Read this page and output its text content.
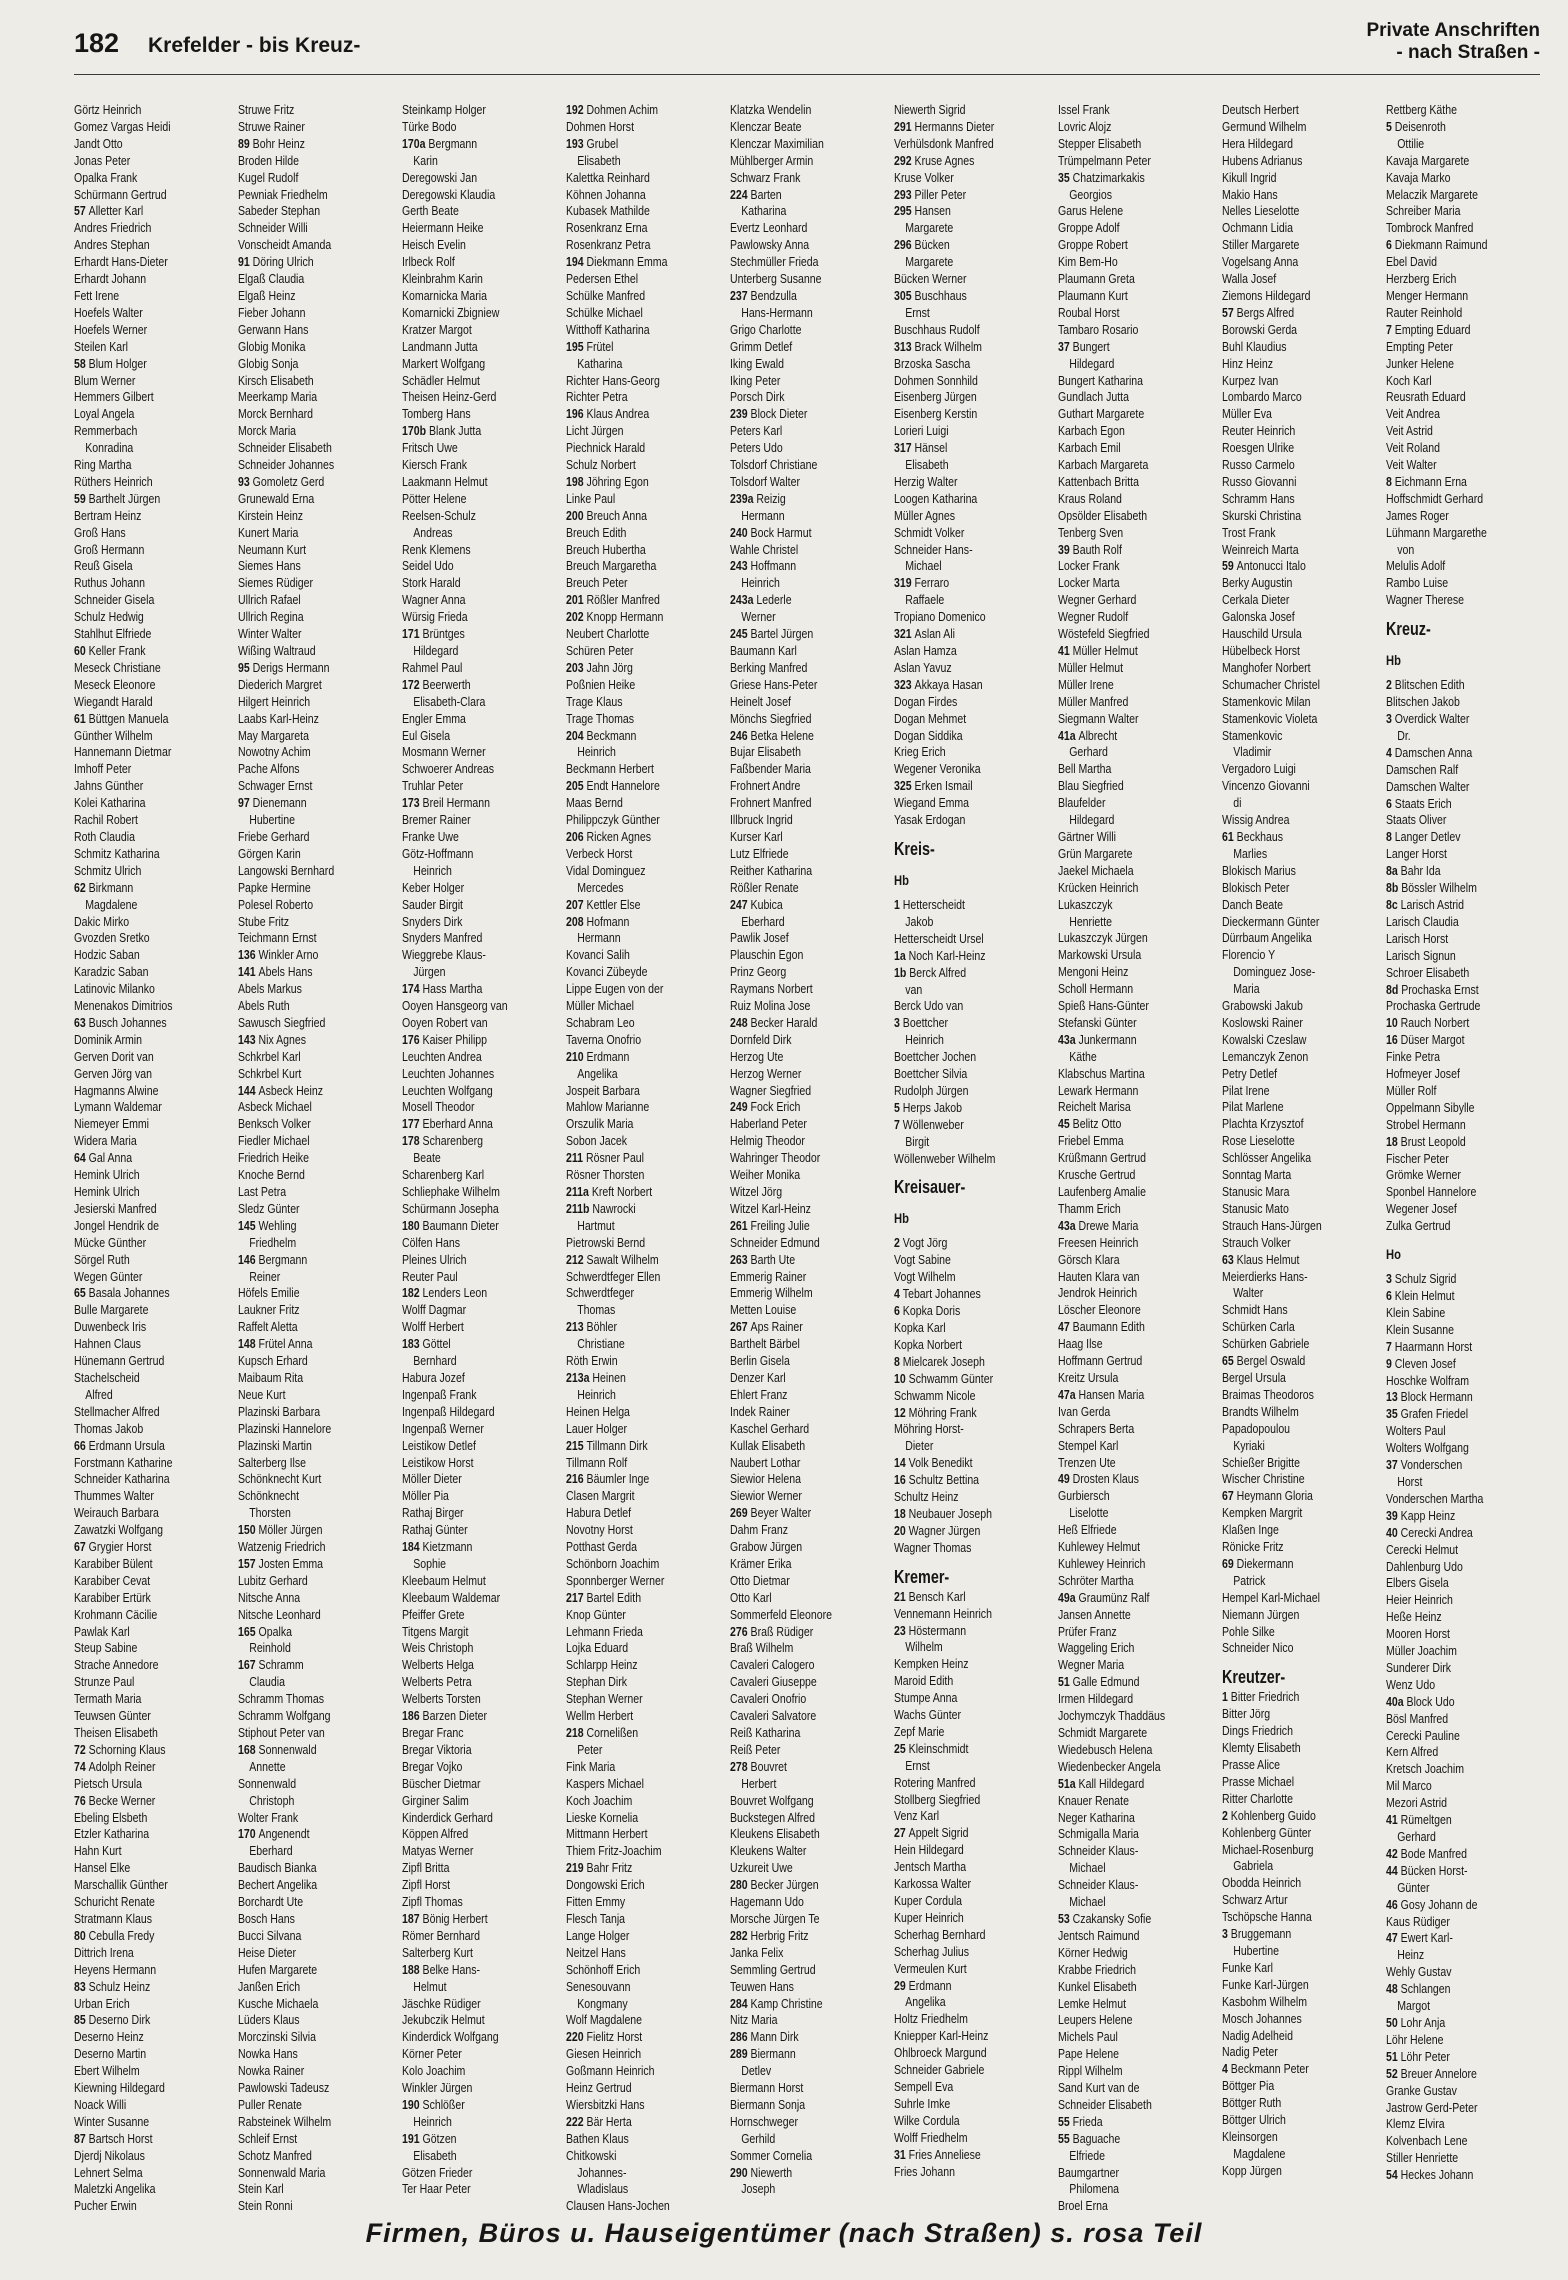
182 Krefelder - bis Kreuz-
Private Anschriften
- nach Straßen -
Görtz Heinrich
Gomez Vargas Heidi
Jandt Otto
Jonas Peter
Opalka Frank
Schürmann Gertrud
57 Alletter Karl
Andres Friedrich
Andres Stephan
Erhardt Hans-Dieter
Erhardt Johann
Fett Irene
Hoefels Walter
Hoefels Werner
Steilen Karl
58 Blum Holger
Blum Werner
Hemmers Gilbert
Loyal Angela
Remmerbach
Konradina
Ring Martha
Rüthers Heinrich
59 Barthelt Jürgen
Bertram Heinz
Groß Hans
Groß Hermann
Reuß Gisela
Ruthus Johann
Schneider Gisela
Schulz Hedwig
Stahlhut Elfriede
60 Keller Frank
Meseck Christiane
Meseck Eleonore
Wiegandt Harald
61 Büttgen Manuela
Günther Wilhelm
Hannemann Dietmar
Imhoff Peter
Jahns Günther
Kolei Katharina
Rachil Robert
Roth Claudia
Schmitz Katharina
Schmitz Ulrich
62 Birkmann
Magdalene
Dakic Mirko
Gvozden Sretko
Hodzic Saban
Karadzic Saban
Latinovic Milanko
Menenakos Dimitrios
63 Busch Johannes
Dominik Armin
Gerven Dorit van
Gerven Jörg van
Hagmanns Alwine
Lymann Waldemar
Niemeyer Emmi
Widera Maria
64 Gal Anna
Hemink Ulrich
Hemink Ulrich
Jesierski Manfred
Jongel Hendrik de
Mücke Günther
Sörgel Ruth
Wegen Günter
65 Basala Johannes
Bulle Margarete
Duwenbeck Iris
Hahnen Claus
Hünemann Gertrud
Stachelscheid
Alfred
Stellmacher Alfred
Thomas Jakob
66 Erdmann Ursula
Forstmann Katharine
Schneider Katharina
Thummes Walter
Weirauch Barbara
Zawatzki Wolfgang
67 Grygier Horst
Karabiber Bülent
Karabiber Cevat
Karabiber Ertürk
Krohmann Cäcilie
Pawlak Karl
Steup Sabine
Strache Annedore
Strunze Paul
Termath Maria
Teuwsen Günter
Theisen Elisabeth
72 Schorning Klaus
74 Adolph Reiner
Pietsch Ursula
76 Becke Werner
Ebeling Elsbeth
Etzler Katharina
Hahn Kurt
Hansel Elke
Marschallik Günther
Schuricht Renate
Stratmann Klaus
80 Cebulla Fredy
Dittrich Irena
Heyens Hermann
83 Schulz Heinz
Urban Erich
85 Deserno Dirk
Deserno Heinz
Deserno Martin
Ebert Wilhelm
Kiewning Hildegard
Noack Willi
Winter Susanne
87 Bartsch Horst
Djerdj Nikolaus
Lehnert Selma
Maletzki Angelika
Pucher Erwin
Struwe Fritz
Struwe Rainer
89 Bohr Heinz
Broden Hilde
Kugel Rudolf
Pewniak Friedhelm
Sabeder Stephan
Schneider Willi
Vonscheidt Amanda
91 Döring Ulrich
Elgaß Claudia
Elgaß Heinz
Fieber Johann
Gerwann Hans
Globig Monika
Globig Sonja
Kirsch Elisabeth
Meerkamp Maria
Morck Bernhard
Morck Maria
Schneider Elisabeth
Schneider Johannes
93 Gomoletz Gerd
Grunewald Erna
Kirstein Heinz
Kunert Maria
Neumann Kurt
Siemes Hans
Siemes Rüdiger
Ullrich Rafael
Ullrich Regina
Winter Walter
Wißing Waltraud
95 Derigs Hermann
Diederich Margret
Hilgert Heinrich
Laabs Karl-Heinz
May Margareta
Nowotny Achim
Pache Alfons
Schwager Ernst
97 Dienemann
Hubertine
Friebe Gerhard
Görgen Karin
Langowski Bernhard
Papke Hermine
Polesel Roberto
Stube Fritz
Teichmann Ernst
136 Winkler Arno
141 Abels Hans
Abels Markus
Abels Ruth
Sawusch Siegfried
143 Nix Agnes
Schkrbel Karl
Schkrbel Kurt
144 Asbeck Heinz
Asbeck Michael
Benksch Volker
Fiedler Michael
Friedrich Heike
Knoche Bernd
Last Petra
Sledz Günter
145 Wehling
Friedhelm
146 Bergmann
Reiner
Höfels Emilie
Laukner Fritz
Raffelt Aletta
148 Frütel Anna
Kupsch Erhard
Maibaum Rita
Neue Kurt
Plazinski Barbara
Plazinski Hannelore
Plazinski Martin
Salterberg Ilse
Schönknecht Kurt
Schönknecht
Thorsten
150 Möller Jürgen
Watzenig Friedrich
157 Josten Emma
Lubitz Gerhard
Nitsche Anna
Nitsche Leonhard
165 Opalka
Reinhold
167 Schramm
Claudia
Schramm Thomas
Schramm Wolfgang
Stiphout Peter van
168 Sonnenwald
Annette
Sonnenwald
Christoph
Wolter Frank
170 Angenendt
Eberhard
Baudisch Bianka
Bechert Angelika
Borchardt Ute
Bosch Hans
Bucci Silvana
Heise Dieter
Hufen Margarete
Janßen Erich
Kusche Michaela
Lüders Klaus
Morczinski Silvia
Nowka Hans
Nowka Rainer
Pawlowski Tadeusz
Puller Renate
Rabsteinek Wilhelm
Schleif Ernst
Schotz Manfred
Sonnenwald Maria
Stein Karl
Stein Ronni
Steinkamp Holger
Türke Bodo
170a Bergmann
Karin
Deregowski Jan
Deregowski Klaudia
Gerth Beate
Heiermann Heike
Heisch Evelin
Irlbeck Rolf
Kleinbrahm Karin
Komarnicka Maria
Komarnicki Zbigniew
Kratzer Margot
Landmann Jutta
Markert Wolfgang
Schädler Helmut
Theisen Heinz-Gerd
Tomberg Hans
170b Blank Jutta
Fritsch Uwe
Kiersch Frank
Laakmann Helmut
Pötter Helene
Reelsen-Schulz
Andreas
Renk Klemens
Seidel Udo
Stork Harald
Wagner Anna
Würsig Frieda
171 Brüntges
Hildegard
Rahmel Paul
172 Beerwerth
Elisabeth-Clara
Engler Emma
Eul Gisela
Mosmann Werner
Schwoerer Andreas
Truhlar Peter
173 Breil Hermann
Bremer Rainer
Franke Uwe
Götz-Hoffmann
Heinrich
Keber Holger
Sauder Birgit
Snyders Dirk
Snyders Manfred
Wieggrebe Klaus-
Jürgen
174 Hass Martha
Ooyen Hansgeorg van
Ooyen Robert van
176 Kaiser Philipp
Leuchten Andrea
Leuchten Johannes
Leuchten Wolfgang
Mosell Theodor
177 Eberhard Anna
178 Scharenberg
Beate
Scharenberg Karl
Schliephake Wilhelm
Schürmann Josepha
180 Baumann Dieter
Cölfen Hans
Pleines Ulrich
Reuter Paul
182 Lenders Leon
Wolff Dagmar
Wolff Herbert
183 Göttel
Bernhard
Habura Jozef
Ingenpaß Frank
Ingenpaß Hildegard
Ingenpaß Werner
Leistikow Detlef
Leistikow Horst
Möller Dieter
Möller Pia
Rathaj Birger
Rathaj Günter
184 Kietzmann
Sophie
Kleebaum Helmut
Kleebaum Waldemar
Pfeiffer Grete
Titgens Margit
Weis Christoph
Welberts Helga
Welberts Petra
Welberts Torsten
186 Barzen Dieter
Bregar Franc
Bregar Viktoria
Bregar Vojko
Büscher Dietmar
Girginer Salim
Kinderdick Gerhard
Köppen Alfred
Matyas Werner
Zipfl Britta
Zipfl Horst
Zipfl Thomas
187 Bönig Herbert
Römer Bernhard
Salterberg Kurt
188 Belke Hans-
Helmut
Jäschke Rüdiger
Jekubczik Helmut
Kinderdick Wolfgang
Körner Peter
Kolo Joachim
Winkler Jürgen
190 Schlößer
Heinrich
191 Götzen
Elisabeth
Götzen Frieder
Ter Haar Peter
192 Dohmen Achim
Dohmen Horst
193 Grubel
Elisabeth
Kalettka Reinhard
Köhnen Johanna
Kubasek Mathilde
Rosenkranz Erna
Rosenkranz Petra
194 Diekmann Emma
Pedersen Ethel
Schülke Manfred
Schülke Michael
Witthoff Katharina
195 Frütel
Katharina
Richter Hans-Georg
Richter Petra
196 Klaus Andrea
Licht Jürgen
Piechnick Harald
Schulz Norbert
198 Jöhring Egon
Linke Paul
200 Breuch Anna
Breuch Edith
Breuch Hubertha
Breuch Margaretha
Breuch Peter
201 Rößler Manfred
202 Knopp Hermann
Neubert Charlotte
Schüren Peter
203 Jahn Jörg
Poßnien Heike
Trage Klaus
Trage Thomas
204 Beckmann
Heinrich
Beckmann Herbert
205 Endt Hannelore
Maas Bernd
Philippczyk Günther
206 Ricken Agnes
Verbeck Horst
Vidal Dominguez
Mercedes
207 Kettler Else
208 Hofmann
Hermann
Kovanci Salih
Kovanci Zübeyde
Lippe Eugen von der
Müller Michael
Schabram Leo
Taverna Onofrio
210 Erdmann
Angelika
Jospeit Barbara
Mahlow Marianne
Orszulik Maria
Sobon Jacek
211 Rösner Paul
Rösner Thorsten
211a Kreft Norbert
211b Nawrocki
Hartmut
Pietrowski Bernd
212 Sawalt Wilhelm
Schwerdtfeger Ellen
Schwerdtfeger
Thomas
213 Böhler
Christiane
Röth Erwin
213a Heinen
Heinrich
Heinen Helga
Lauer Holger
215 Tillmann Dirk
Tillmann Rolf
216 Bäumler Inge
Clasen Margrit
Habura Detlef
Novotny Horst
Potthast Gerda
Schönborn Joachim
Sponnberger Werner
217 Bartel Edith
Knop Günter
Lehmann Frieda
Lojka Eduard
Schlarpp Heinz
Stephan Dirk
Stephan Werner
Wellm Herbert
218 Cornelißen
Peter
Fink Maria
Kaspers Michael
Koch Joachim
Lieske Kornelia
Mittmann Herbert
Thiem Fritz-Joachim
219 Bahr Fritz
Dongowski Erich
Fitten Emmy
Flesch Tanja
Lange Holger
Neitzel Hans
Schönhoff Erich
Senesouvann
Kongmany
Wolf Magdalene
220 Fielitz Horst
Giesen Heinrich
Goßmann Heinrich
Heinz Gertrud
Wiersbitzki Hans
222 Bär Herta
Bathen Klaus
Chitkowski
Johannes-
Wladislaus
Clausen Hans-Jochen
Klatzka Wendelin
Klenczar Beate
Klenczar Maximilian
Mühlberger Armin
Schwarz Frank
224 Barten
Katharina
Evertz Leonhard
Pawlowsky Anna
Stechmüller Frieda
Unterberg Susanne
237 Bendzulla
Hans-Hermann
Grigo Charlotte
Grimm Detlef
Iking Ewald
Iking Peter
Porsch Dirk
239 Block Dieter
Peters Karl
Peters Udo
Tolsdorf Christiane
Tolsdorf Walter
239a Reizig
Hermann
240 Bock Harmut
Wahle Christel
243 Hoffmann
Heinrich
243a Lederle
Werner
245 Bartel Jürgen
Baumann Karl
Berking Manfred
Griese Hans-Peter
Heinelt Josef
Mönchs Siegfried
246 Betka Helene
Bujar Elisabeth
Faßbender Maria
Frohnert Andre
Frohnert Manfred
Illbruck Ingrid
Kurser Karl
Lutz Elfriede
Reither Katharina
Rößler Renate
247 Kubica
Eberhard
Pawlik Josef
Plauschin Egon
Prinz Georg
Raymans Norbert
Ruiz Molina Jose
248 Becker Harald
Dornfeld Dirk
Herzog Ute
Herzog Werner
Wagner Siegfried
249 Fock Erich
Haberland Peter
Helmig Theodor
Wahringer Theodor
Weiher Monika
Witzel Jörg
Witzel Karl-Heinz
261 Freiling Julie
Schneider Edmund
263 Barth Ute
Emmerig Rainer
Emmerig Wilhelm
Metten Louise
267 Aps Rainer
Barthelt Bärbel
Berlin Gisela
Denzer Karl
Ehlert Franz
Indek Rainer
Kaschel Gerhard
Kullak Elisabeth
Naubert Lothar
Siewior Helena
Siewior Werner
269 Beyer Walter
Dahm Franz
Grabow Jürgen
Krämer Erika
Otto Dietmar
Otto Karl
Sommerfeld Eleonore
276 Braß Rüdiger
Braß Wilhelm
Cavaleri Calogero
Cavaleri Giuseppe
Cavaleri Onofrio
Cavaleri Salvatore
Reiß Katharina
Reiß Peter
278 Bouvret
Herbert
Bouvret Wolfgang
Buckstegen Alfred
Kleukens Elisabeth
Kleukens Walter
Uzkureit Uwe
280 Becker Jürgen
Hagemann Udo
Morsche Jürgen Te
282 Herbrig Fritz
Janka Felix
Semmling Gertrud
Teuwen Hans
284 Kamp Christine
Nitz Maria
286 Mann Dirk
289 Biermann
Detlev
Biermann Horst
Biermann Sonja
Hornschweger
Gerhild
Sommer Cornelia
290 Niewerth
Joseph
Niewerth Sigrid
291 Hermanns Dieter
Verhülsdonk Manfred
292 Kruse Agnes
Kruse Volker
293 Piller Peter
295 Hansen
Margarete
296 Bücken
Margarete
Bücken Werner
305 Buschhaus
Ernst
Buschhaus Rudolf
313 Brack Wilhelm
Brzoska Sascha
Dohmen Sonnhild
Eisenberg Jürgen
Eisenberg Kerstin
Lorieri Luigi
317 Hänsel
Elisabeth
Herzig Walter
Loogen Katharina
Müller Agnes
Schmidt Volker
Schneider Hans-
Michael
319 Ferraro
Raffaele
Tropiano Domenico
321 Aslan Ali
Aslan Hamza
Aslan Yavuz
323 Akkaya Hasan
Dogan Firdes
Dogan Mehmet
Dogan Siddika
Krieg Erich
Wegener Veronika
325 Erken Ismail
Wiegand Emma
Yasak Erdogan
Kreis-
Hb
1 Hetterscheidt
Jakob
Hetterscheidt Ursel
1a Noch Karl-Heinz
1b Berck Alfred
van
Berck Udo van
3 Boettcher
Heinrich
Boettcher Jochen
Boettcher Silvia
Rudolph Jürgen
5 Herps Jakob
7 Wöllenweber
Birgit
Wöllenweber Wilhelm
Kreisauer-
Hb
2 Vogt Jörg
Vogt Sabine
Vogt Wilhelm
4 Tebart Johannes
6 Kopka Doris
Kopka Karl
Kopka Norbert
8 Mielcarek Joseph
10 Schwamm Günter
Schwamm Nicole
12 Möhring Frank
Möhring Horst-
Dieter
14 Volk Benedikt
16 Schultz Bettina
Schultz Heinz
18 Neubauer Joseph
20 Wagner Jürgen
Wagner Thomas
Kremer-
21 Bensch Karl
Vennemann Heinrich
23 Höstermann
Wilhelm
Kempken Heinz
Maroid Edith
Stumpe Anna
Wachs Günter
Zepf Marie
25 Kleinschmidt
Ernst
Rotering Manfred
Stollberg Siegfried
Venz Karl
27 Appelt Sigrid
Hein Hildegard
Jentsch Martha
Karkossa Walter
Kuper Cordula
Kuper Heinrich
Scherhag Bernhard
Scherhag Julius
Vermeulen Kurt
29 Erdmann
Angelika
Holtz Friedhelm
Kniepper Karl-Heinz
Ohlbroeck Margund
Schneider Gabriele
Sempell Eva
Suhrle Imke
Wilke Cordula
Wolff Friedhelm
31 Fries Anneliese
Fries Johann
Issel Frank
Lovric Alojz
Stepper Elisabeth
Trümpelmann Peter
35 Chatzimarkakis
Georgios
Garus Helene
Groppe Adolf
Groppe Robert
Kim Bem-Ho
Plaumann Greta
Plaumann Kurt
Roubal Horst
Tambaro Rosario
37 Bungert
Hildegard
Bungert Katharina
Gundlach Jutta
Guthart Margarete
Karbach Egon
Karbach Emil
Karbach Margareta
Kattenbach Britta
Kraus Roland
Opsölder Elisabeth
Tenberg Sven
39 Bauth Rolf
Locker Frank
Locker Marta
Wegner Gerhard
Wegner Rudolf
Wöstefeld Siegfried
41 Müller Helmut
Müller Helmut
Müller Irene
Müller Manfred
Siegmann Walter
41a Albrecht
Gerhard
Bell Martha
Blau Siegfried
Blaufelder
Hildegard
Gärtner Willi
Grün Margarete
Jaekel Michaela
Krücken Heinrich
Lukaszczyk
Henriette
Lukaszczyk Jürgen
Markowski Ursula
Mengoni Heinz
Scholl Hermann
Spieß Hans-Günter
Stefanski Günter
43a Junkermann
Käthe
Klabschus Martina
Lewark Hermann
Reichelt Marisa
45 Belitz Otto
Friebel Emma
Krüßmann Gertrud
Krusche Gertrud
Laufenberg Amalie
Thamm Erich
43a Drewe Maria
Freesen Heinrich
Görsch Klara
Hauten Klara van
Jendrok Heinrich
Löscher Eleonore
47 Baumann Edith
Haag Ilse
Hoffmann Gertrud
Kreitz Ursula
47a Hansen Maria
Ivan Gerda
Schrapers Berta
Stempel Karl
Trenzen Ute
49 Drosten Klaus
Gurbiersch
Liselotte
Heß Elfriede
Kuhlewey Helmut
Kuhlewey Heinrich
Schröter Martha
49a Graumünz Ralf
Jansen Annette
Prüfer Franz
Waggeling Erich
Wegner Maria
51 Galle Edmund
Irmen Hildegard
Jochymczyk Thaddäus
Schmidt Margarete
Wiedebusch Helena
Wiedenbecker Angela
51a Kall Hildegard
Knauer Renate
Neger Katharina
Schmigalla Maria
Schneider Klaus-
Michael
Schneider Klaus-
Michael
53 Czakansky Sofie
Jentsch Raimund
Körner Hedwig
Krabbe Friedrich
Kunkel Elisabeth
Lemke Helmut
Leupers Helene
Michels Paul
Pape Helene
Rippl Wilhelm
Sand Kurt van de
Schneider Elisabeth
55 Frieda
55 Baguache
Elfriede
Baumgartner
Philomena
Broel Erna
Deutsch Herbert
Germund Wilhelm
Hera Hildegard
Hubens Adrianus
Kikull Ingrid
Makio Hans
Nelles Lieselotte
Ochmann Lidia
Stiller Margarete
Vogelsang Anna
Walla Josef
Ziemons Hildegard
57 Bergs Alfred
Borowski Gerda
Buhl Klaudius
Hinz Heinz
Kurpez Ivan
Lombardo Marco
Müller Eva
Reuter Heinrich
Roesgen Ulrike
Russo Carmelo
Russo Giovanni
Schramm Hans
Skurski Christina
Trost Frank
Weinreich Marta
59 Antonucci Italo
Berky Augustin
Cerkala Dieter
Galonska Josef
Hauschild Ursula
Hübelbeck Horst
Manghofer Norbert
Schumacher Christel
Stamenkovic Milan
Stamenkovic Violeta
Stamenkovic
Vladimir
Vergadoro Luigi
Vincenzo Giovanni
di
Wissig Andrea
61 Beckhaus
Marlies
Blokisch Marius
Blokisch Peter
Danch Beate
Dieckermann Günter
Dürrbaum Angelika
Florencio Y
Dominguez Jose-
Maria
Grabowski Jakub
Koslowski Rainer
Kowalski Czeslaw
Lemanczyk Zenon
Petry Detlef
Pilat Irene
Pilat Marlene
Plachta Krzysztof
Rose Lieselotte
Schlösser Angelika
Sonntag Marta
Stanusic Mara
Stanusic Mato
Strauch Hans-Jürgen
Strauch Volker
63 Klaus Helmut
Meierdierks Hans-
Walter
Schmidt Hans
Schürken Carla
Schürken Gabriele
65 Bergel Oswald
Bergel Ursula
Braimas Theodoros
Brandts Wilhelm
Papadopoulou
Kyriaki
Schießer Brigitte
Wischer Christine
67 Heymann Gloria
Kempken Margrit
Klaßen Inge
Rönicke Fritz
69 Diekermann
Patrick
Hempel Karl-Michael
Niemann Jürgen
Pohle Silke
Schneider Nico
Kreutzer-
1 Bitter Friedrich
Bitter Jörg
Dings Friedrich
Klemty Elisabeth
Prasse Alice
Prasse Michael
Ritter Charlotte
2 Kohlenberg Guido
Kohlenberg Günter
Michael-Rosenburg
Gabriela
Obodda Heinrich
Schwarz Artur
Tschöpsche Hanna
3 Bruggemann
Hubertine
Funke Karl
Funke Karl-Jürgen
Kasbohm Wilhelm
Mosch Johannes
Nadig Adelheid
Nadig Peter
4 Beckmann Peter
Böttger Pia
Böttger Ruth
Böttger Ulrich
Kleinsorgen
Magdalene
Kopp Jürgen
Rettberg Käthe
5 Deisenroth
Ottilie
Kavaja Margarete
Kavaja Marko
Melaczik Margarete
Schreiber Maria
Tombrock Manfred
6 Diekmann Raimund
Ebel David
Herzberg Erich
Menger Hermann
Rauter Reinhold
7 Empting Eduard
Empting Peter
Junker Helene
Koch Karl
Reusrath Eduard
Veit Andrea
Veit Astrid
Veit Roland
Veit Walter
8 Eichmann Erna
Hoffschmidt Gerhard
James Roger
Lühmann Margarethe
von
Melulis Adolf
Rambo Luise
Wagner Therese
Kreuz-
Hb
2 Blitschen Edith
Blitschen Jakob
3 Overdick Walter
Dr.
4 Damschen Anna
Damschen Ralf
Damschen Walter
6 Staats Erich
Staats Oliver
8 Langer Detlev
Langer Horst
8a Bahr Ida
8b Bössler Wilhelm
8c Larisch Astrid
Larisch Claudia
Larisch Horst
Larisch Signun
Schroer Elisabeth
8d Prochaska Ernst
Prochaska Gertrude
10 Rauch Norbert
16 Düser Margot
Finke Petra
Hofmeyer Josef
Müller Rolf
Oppelmann Sibylle
Strobel Hermann
18 Brust Leopold
Fischer Peter
Grömke Werner
Sponbel Hannelore
Wegener Josef
Zulka Gertrud
Ho
3 Schulz Sigrid
6 Klein Helmut
Klein Sabine
Klein Susanne
7 Haarmann Horst
9 Cleven Josef
Hoschke Wolfram
13 Block Hermann
35 Grafen Friedel
Wolters Paul
Wolters Wolfgang
37 Vonderschen
Horst
Vonderschen Martha
39 Kapp Heinz
40 Cerecki Andrea
Cerecki Helmut
Dahlenburg Udo
Elbers Gisela
Heier Heinrich
Heße Heinz
Mooren Horst
Müller Joachim
Sunderer Dirk
Wenz Udo
40a Block Udo
Bösl Manfred
Cerecki Pauline
Kern Alfred
Kretsch Joachim
Mil Marco
Mezori Astrid
41 Rümeltgen
Gerhard
42 Bode Manfred
44 Bücken Horst-
Günter
46 Gosy Johann de
Kaus Rüdiger
47 Ewert Karl-
Heinz
Wehly Gustav
48 Schlangen
Margot
50 Lohr Anja
Löhr Helene
51 Löhr Peter
52 Breuer Annelore
Granke Gustav
Jastrow Gerd-Peter
Klemz Elvira
Kolvenbach Lene
Stiller Henriette
54 Heckes Johann
Firmen, Büros u. Hauseigentümer (nach Straßen) s. rosa Teil
